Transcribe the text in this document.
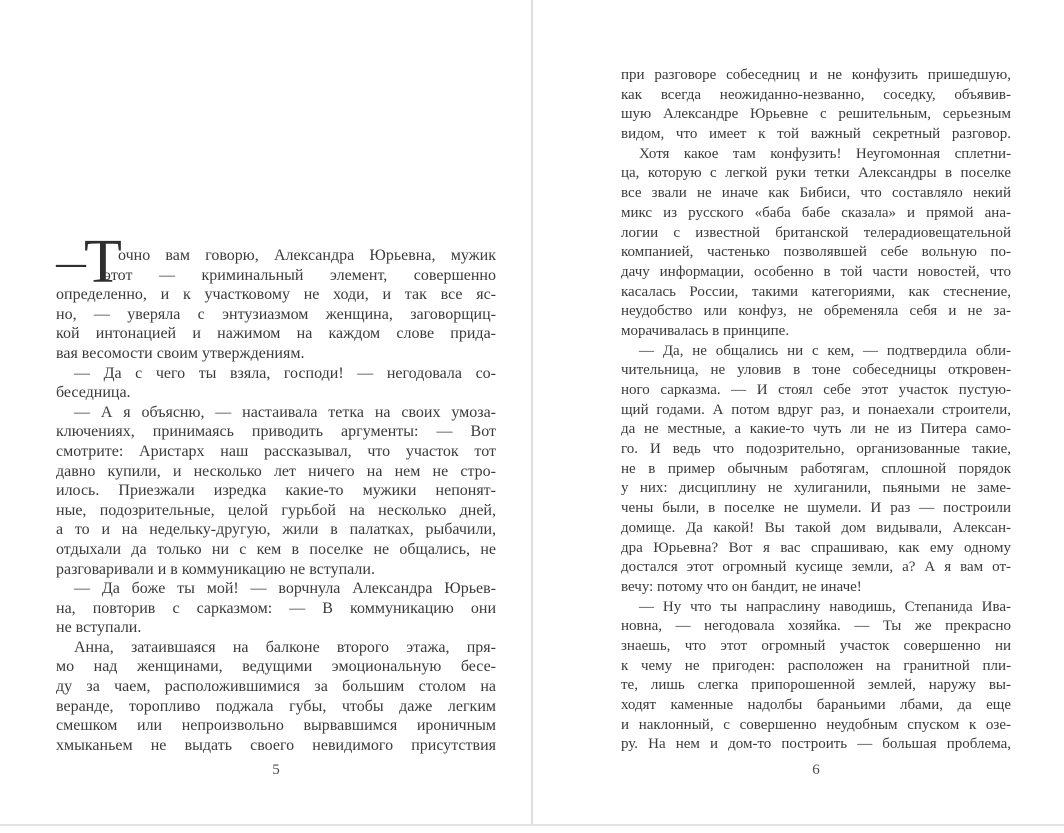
—
Т
очно вам говорю, Александра Юрьевна, мужик
этот — криминальный элемент, совершенно
определенно, и к участковому не ходи, и так все яс-
но, — уверяла с энтузиазмом женщина, заговорщиц-
кой интонацией и нажимом на каждом слове прида-
вая весомости своим утверждениям.
— Да с чего ты взяла, господи! — негодовала со-
беседница.
— А я объясню, — настаивала тетка на своих умоза-
ключениях, принимаясь приводить аргументы: — Вот
смотрите: Аристарх наш рассказывал, что участок тот
давно купили, и несколько лет ничего на нем не стро-
илось. Приезжали изредка какие-то мужики непонят-
ные, подозрительные, целой гурьбой на несколько дней,
а то и на недельку-другую, жили в палатках, рыбачили,
отдыхали да только ни с кем в поселке не общались, не
разговаривали и в коммуникацию не вступали.
— Да боже ты мой! — ворчнула Александра Юрьев-
на, повторив с сарказмом: — В коммуникацию они
не вступали.
Анна, затаившаяся на балконе второго этажа, пря-
мо над женщинами, ведущими эмоциональную бесе-
ду за чаем, расположившимися за большим столом на
веранде, торопливо поджала губы, чтобы даже легким
смешком или непроизвольно вырвавшимся ироничным
хмыканьем не выдать своего невидимого присутствия
5
при разговоре собеседниц и не конфузить пришедшую,
как всегда неожиданно-незванно, соседку, объявив-
шую Александре Юрьевне с решительным, серьезным
видом, что имеет к той важный секретный разговор.
Хотя какое там конфузить! Неугомонная сплетни-
ца, которую с легкой руки тетки Александры в поселке
все звали не иначе как Бибиси, что составляло некий
микс из русского «баба бабе сказала» и прямой ана-
логии с известной британской телерадиовещательной
компанией, частенько позволявшей себе вольную по-
дачу информации, особенно в той части новостей, что
касалась России, такими категориями, как стеснение,
неудобство или конфуз, не обременяла себя и не за-
морачивалась в принципе.
— Да, не общались ни с кем, — подтвердила обли-
чительница, не уловив в тоне собеседницы откровен-
ного сарказма. — И стоял себе этот участок пустую-
щий годами. А потом вдруг раз, и понаехали строители,
да не местные, а какие-то чуть ли не из Питера само-
го. И ведь что подозрительно, организованные такие,
не в пример обычным работягам, сплошной порядок
у них: дисциплину не хулиганили, пьяными не заме-
чены были, в поселке не шумели. И раз — построили
домище. Да какой! Вы такой дом видывали, Алексан-
дра Юрьевна? Вот я вас спрашиваю, как ему одному
достался этот огромный кусище земли, а? А я вам от-
вечу: потому что он бандит, не иначе!
— Ну что ты напраслину наводишь, Степанида Ива-
новна, — негодовала хозяйка. — Ты же прекрасно
знаешь, что этот огромный участок совершенно ни
к чему не пригоден: расположен на гранитной пли-
те, лишь слегка припорошенной землей, наружу вы-
ходят каменные надолбы бараньими лбами, да еще
и наклонный, с совершенно неудобным спуском к озе-
ру. На нем и дом-то построить — большая проблема,
6
